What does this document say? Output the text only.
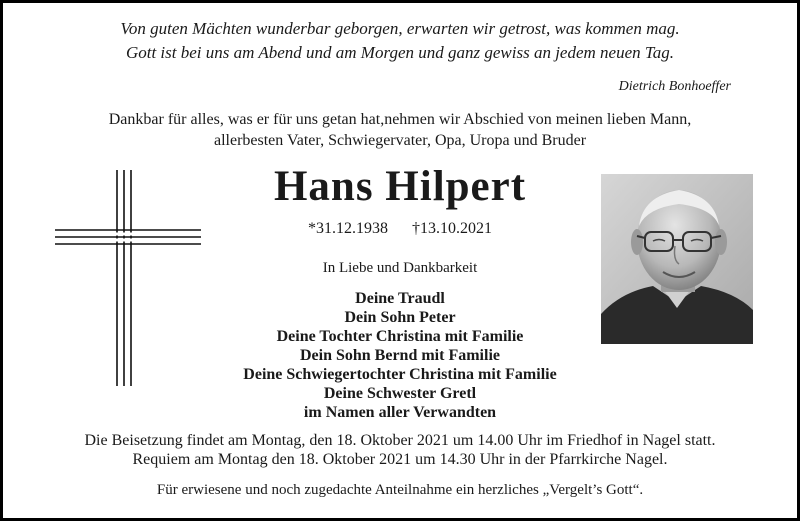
Von guten Mächten wunderbar geborgen, erwarten wir getrost, was kommen mag.
Gott ist bei uns am Abend und am Morgen und ganz gewiss an jedem neuen Tag.
Dietrich Bonhoeffer
Dankbar für alles, was er für uns getan hat,nehmen wir Abschied von meinen lieben Mann,
allerbesten Vater, Schwiegervater, Opa, Uropa und Bruder
Hans Hilpert
*31.12.1938 †13.10.2021
In Liebe und Dankbarkeit
Deine Traudl
Dein Sohn Peter
Deine Tochter Christina mit Familie
Dein Sohn Bernd mit Familie
Deine Schwiegertochter Christina mit Familie
Deine Schwester Gretl
im Namen aller Verwandten
Die Beisetzung findet am Montag, den 18. Oktober 2021 um 14.00 Uhr im Friedhof in Nagel statt.
Requiem am Montag den 18. Oktober 2021 um 14.30 Uhr in der Pfarrkirche Nagel.
Für erwiesene und noch zugedachte Anteilnahme ein herzliches „Vergelt’s Gott“.
